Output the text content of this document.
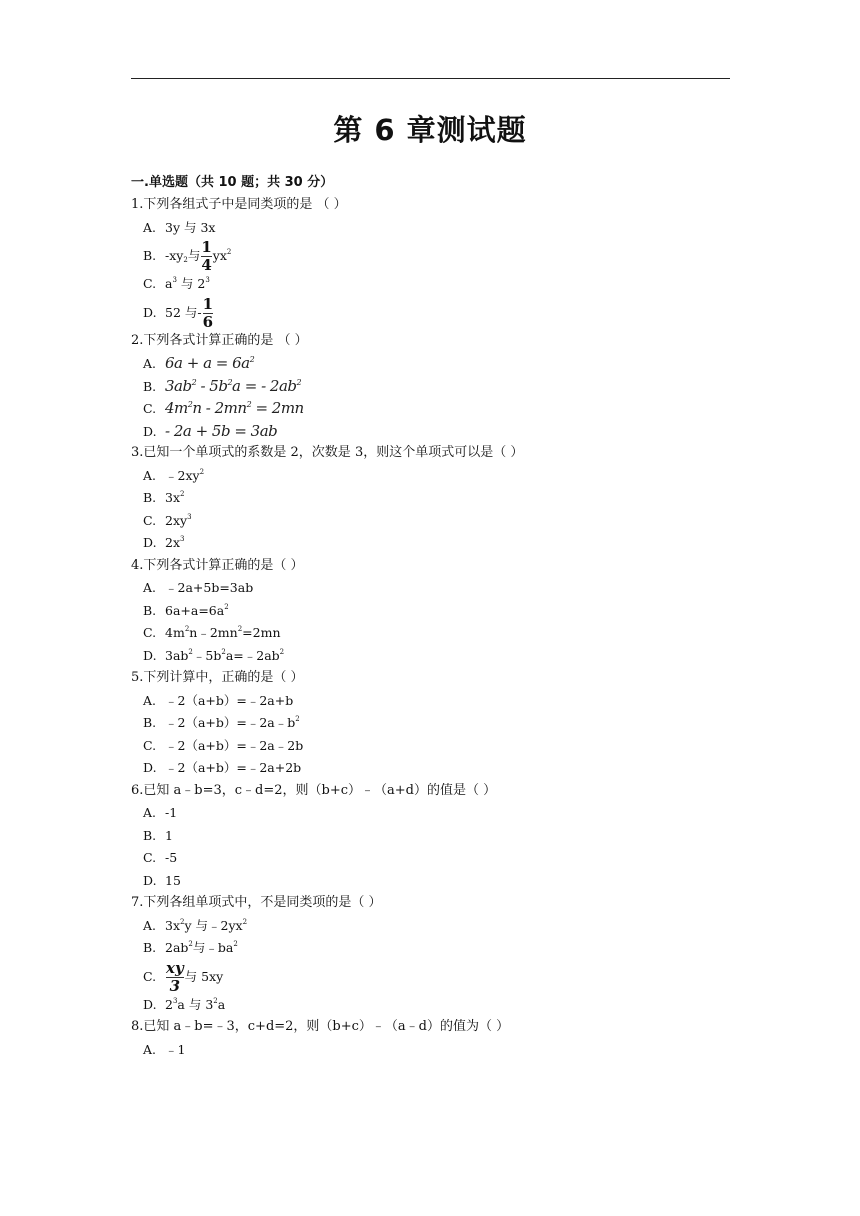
第 6 章测试题
一.单选题（共 10 题；共 30 分）
1.下列各组式子中是同类项的是 （ ）
A. 3y 与 3x
B. $-xy_2$与 $\frac{1}{4} yx^2$
C. $a^3$ 与 $2^3$
D. 52 与- $\frac{1}{6}$
2.下列各式计算正确的是 （ ）
A. $6a + a = 6a^2$
B. $3ab^2 - 5b^2a$ = - $2ab^2$
C. $4m^2n - 2mn^2 = 2mn$
D. - 2a + 5b = 3ab
3.已知一个单项式的系数是 2，次数是 3，则这个单项式可以是（ ）
A. $﹣2xy^2$
B. $3x^2$
C. $2xy^3$
D. $2x^3$
4.下列各式计算正确的是（ ）
A. ﹣2a+5b=3ab
B. $6a+a=6a^2$
C. $4m^2n﹣2mn^2=2mn$
D. $3ab^2﹣5b^2a=﹣2ab^2$
5.下列计算中，正确的是（ ）
A. ﹣2（a+b）=﹣2a+b
B. $﹣2(a+b)=﹣2a﹣b^2$
C. ﹣2（a+b）=﹣2a﹣2b
D. ﹣2（a+b）=﹣2a+2b
6.已知 a﹣b=3，c﹣d=2，则（b+c）﹣（a+d）的值是（ ）
A. -1
B. 1
C. -5
D. 15
7.下列各组单项式中，不是同类项的是（ ）
A. $3x^2y$ 与$﹣2yx^2$
B. $2ab^2$与$﹣ba^2$
C. $\frac{xy}{3}$ 与 5xy
D. $2^3a$ 与 $3^2a$
8.已知 a﹣b=﹣3，c+d=2，则（b+c）﹣（a﹣d）的值为（ ）
A. ﹣1
